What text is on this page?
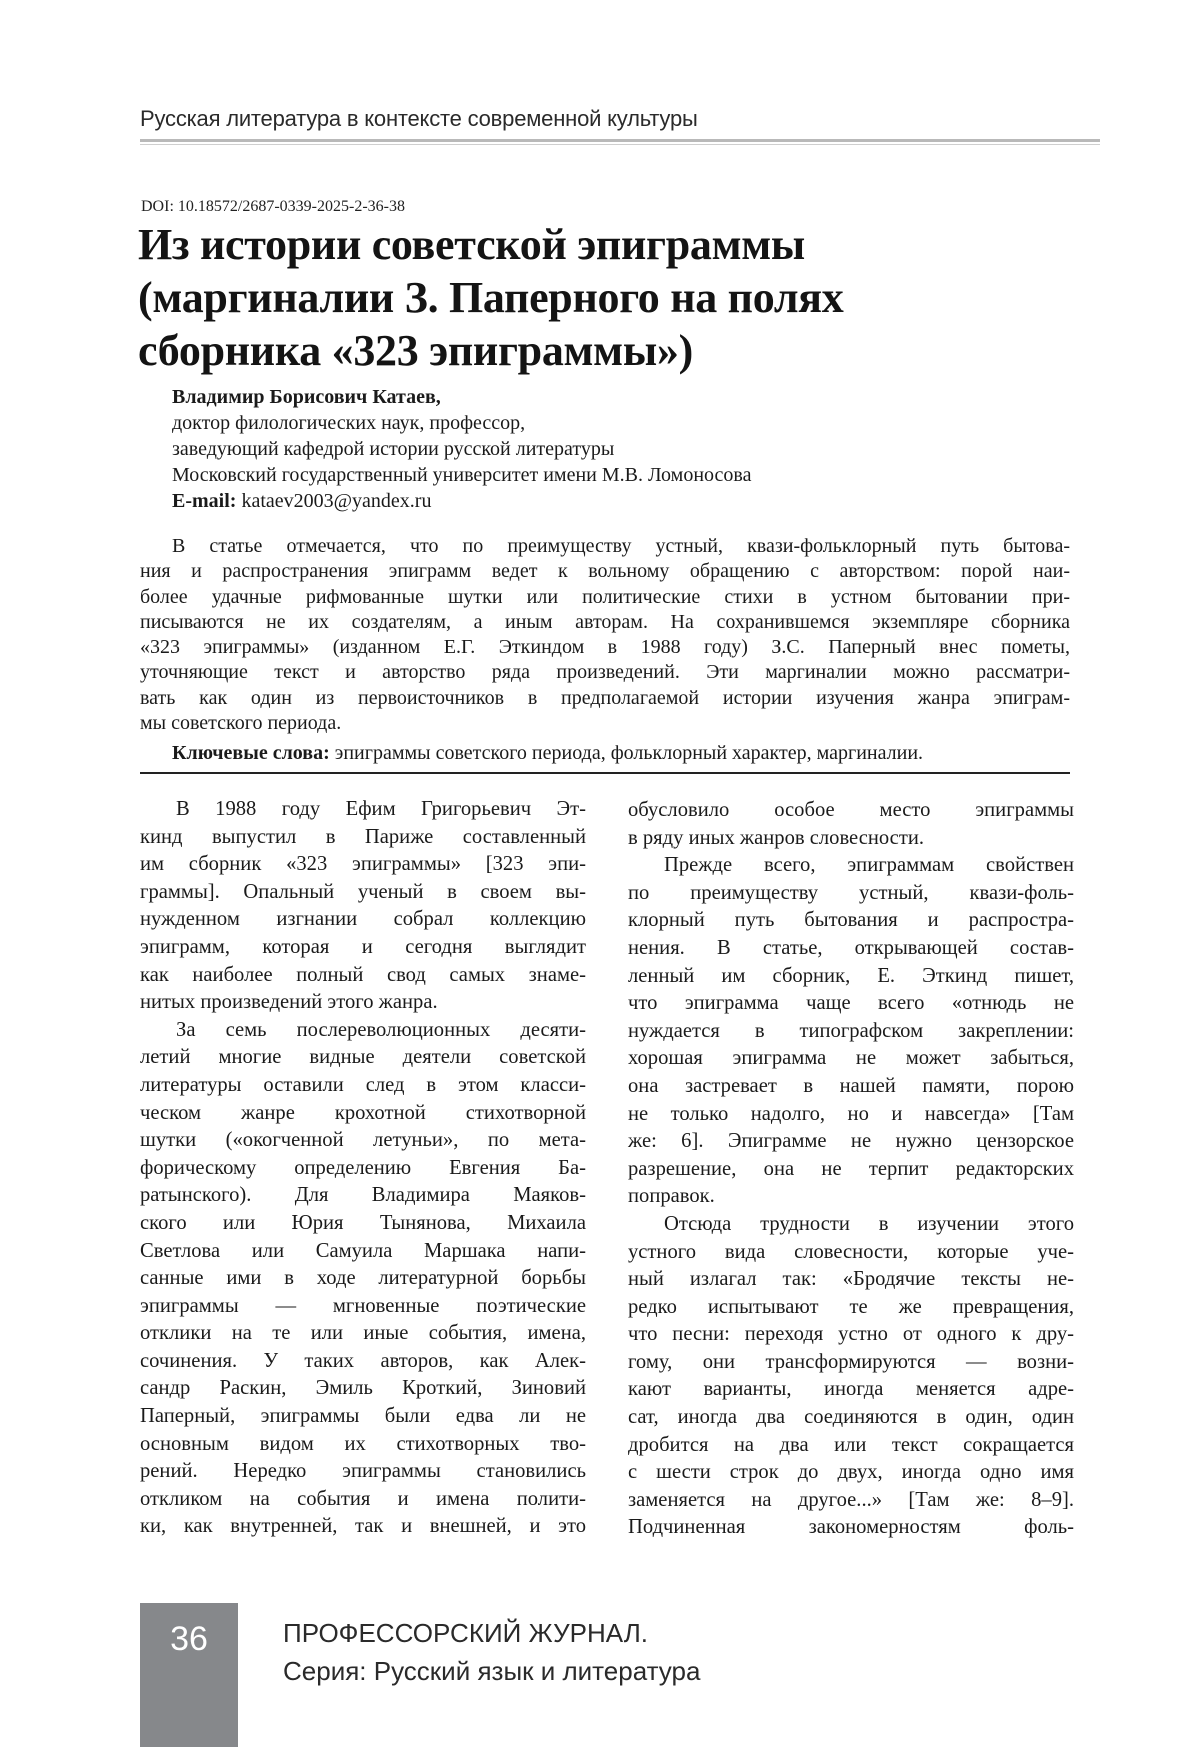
Русская литература в контексте современной культуры
DOI: 10.18572/2687-0339-2025-2-36-38
Из истории советской эпиграммы
(маргиналии З. Паперного на полях
сборника «323 эпиграммы»)
Владимир Борисович Катаев,
доктор филологических наук, профессор,
заведующий кафедрой истории русской литературы
Московский государственный университет имени М.В. Ломоносова
E-mail: kataev2003@yandex.ru
В статье отмечается, что по преимуществу устный, квази-фольклорный путь бытова-
ния и распространения эпиграмм ведет к вольному обращению с авторством: порой наи-
более удачные рифмованные шутки или политические стихи в устном бытовании при-
писываются не их создателям, а иным авторам. На сохранившемся экземпляре сборника
«323 эпиграммы» (изданном Е.Г. Эткиндом в 1988 году) З.С. Паперный внес пометы,
уточняющие текст и авторство ряда произведений. Эти маргиналии можно рассматри-
вать как один из первоисточников в предполагаемой истории изучения жанра эпиграм-
мы советского периода.
Ключевые слова: эпиграммы советского периода, фольклорный характер, маргиналии.

В 1988 году Ефим Григорьевич Эт-
кинд выпустил в Париже составленный
им сборник «323 эпиграммы» [323 эпи-
граммы]. Опальный ученый в своем вы-
нужденном изгнании собрал коллекцию
эпиграмм, которая и сегодня выглядит
как наиболее полный свод самых знаме-
нитых произведений этого жанра.

За семь послереволюционных десяти-
летий многие видные деятели советской
литературы оставили след в этом класси-
ческом жанре крохотной стихотворной
шутки («окогченной летуньи», по мета-
форическому определению Евгения Ба-
ратынского). Для Владимира Маяков-
ского или Юрия Тынянова, Михаила
Светлова или Самуила Маршака напи-
санные ими в ходе литературной борьбы
эпиграммы — мгновенные поэтические
отклики на те или иные события, имена,
сочинения. У таких авторов, как Алек-
сандр Раскин, Эмиль Кроткий, Зиновий
Паперный, эпиграммы были едва ли не
основным видом их стихотворных тво-
рений. Нередко эпиграммы становились
откликом на события и имена полити-
ки, как внутренней, так и внешней, и это

обусловило особое место эпиграммы
в ряду иных жанров словесности.

Прежде всего, эпиграммам свойствен
по преимуществу устный, квази-фоль-
клорный путь бытования и распростра-
нения. В статье, открывающей состав-
ленный им сборник, Е. Эткинд пишет,
что эпиграмма чаще всего «отнюдь не
нуждается в типографском закреплении:
хорошая эпиграмма не может забыться,
она застревает в нашей памяти, порою
не только надолго, но и навсегда» [Там
же: 6]. Эпиграмме не нужно цензорское
разрешение, она не терпит редакторских
поправок.

Отсюда трудности в изучении этого
устного вида словесности, которые уче-
ный излагал так: «Бродячие тексты не-
редко испытывают те же превращения,
что песни: переходя устно от одного к дру-
гому, они трансформируются — возни-
кают варианты, иногда меняется адре-
сат, иногда два соединяются в один, один
дробится на два или текст сокращается
с шести строк до двух, иногда одно имя
заменяется на другое...» [Там же: 8–9].
Подчиненная закономерностям фоль-

36	ПРОФЕССОРСКИЙ ЖУРНАЛ.
Серия: Русский язык и литература
